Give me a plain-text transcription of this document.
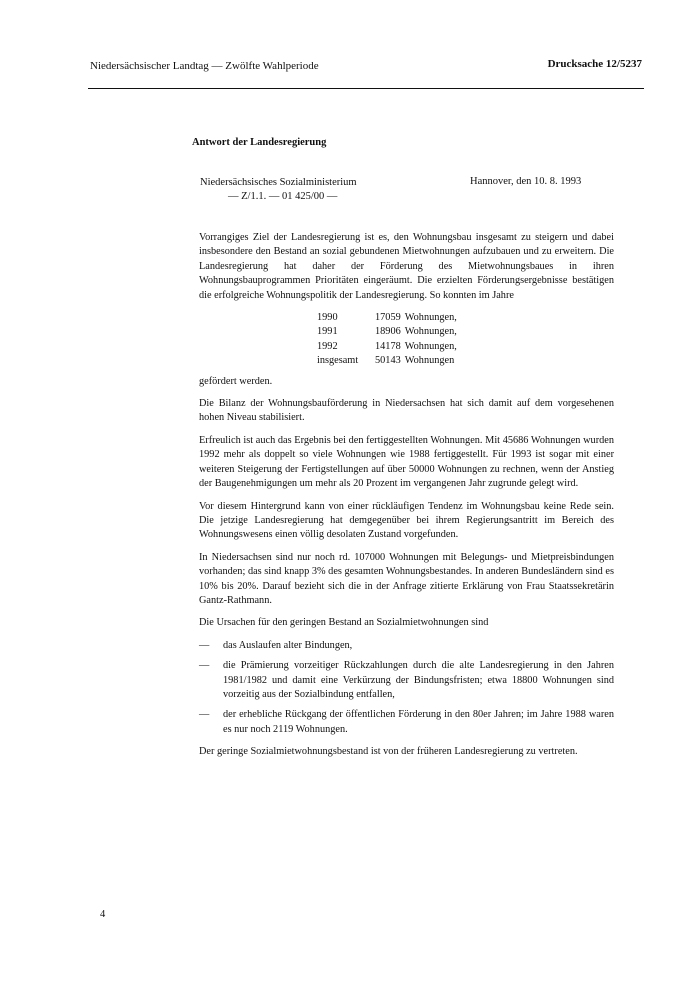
Niedersächsischer Landtag — Zwölfte Wahlperiode	Drucksache 12/5237
Antwort der Landesregierung
Niedersächsisches Sozialministerium
— Z/1.1. — 01 425/00 —
Hannover, den 10. 8. 1993

Vorrangiges Ziel der Landesregierung ist es, den Wohnungsbau insgesamt zu steigern und dabei insbesondere den Bestand an sozial gebundenen Mietwohnungen aufzubauen und zu erweitern. Die Landesregierung hat daher der Förderung des Mietwohnungsbaues in ihren Wohnungsbauprogrammen Prioritäten eingeräumt. Die erzielten Förderungsergebnisse bestätigen die erfolgreiche Wohnungspolitik der Landesregierung. So konnten im Jahre

1990	17059	Wohnungen,
1991	18906	Wohnungen,
1992	14178	Wohnungen,
insgesamt	50143	Wohnungen

gefördert werden.

Die Bilanz der Wohnungsbauförderung in Niedersachsen hat sich damit auf dem vorgesehenen hohen Niveau stabilisiert.

Erfreulich ist auch das Ergebnis bei den fertiggestellten Wohnungen. Mit 45686 Wohnungen wurden 1992 mehr als doppelt so viele Wohnungen wie 1988 fertiggestellt. Für 1993 ist sogar mit einer weiteren Steigerung der Fertigstellungen auf über 50000 Wohnungen zu rechnen, wenn der Anstieg der Baugenehmigungen um mehr als 20 Prozent im vergangenen Jahr zugrunde gelegt wird.

Vor diesem Hintergrund kann von einer rückläufigen Tendenz im Wohnungsbau keine Rede sein. Die jetzige Landesregierung hat demgegenüber bei ihrem Regierungsantritt im Bereich des Wohnungswesens einen völlig desolaten Zustand vorgefunden.

In Niedersachsen sind nur noch rd. 107000 Wohnungen mit Belegungs- und Mietpreisbindungen vorhanden; das sind knapp 3% des gesamten Wohnungsbestandes. In anderen Bundesländern sind es 10% bis 20%. Darauf bezieht sich die in der Anfrage zitierte Erklärung von Frau Staatssekretärin Gantz-Rathmann.

Die Ursachen für den geringen Bestand an Sozialmietwohnungen sind

— das Auslaufen alter Bindungen,
— die Prämierung vorzeitiger Rückzahlungen durch die alte Landesregierung in den Jahren 1981/1982 und damit eine Verkürzung der Bindungsfristen; etwa 18800 Wohnungen sind vorzeitig aus der Sozialbindung entfallen,
— der erhebliche Rückgang der öffentlichen Förderung in den 80er Jahren; im Jahre 1988 waren es nur noch 2119 Wohnungen.

Der geringe Sozialmietwohnungsbestand ist von der früheren Landesregierung zu vertreten.

4
